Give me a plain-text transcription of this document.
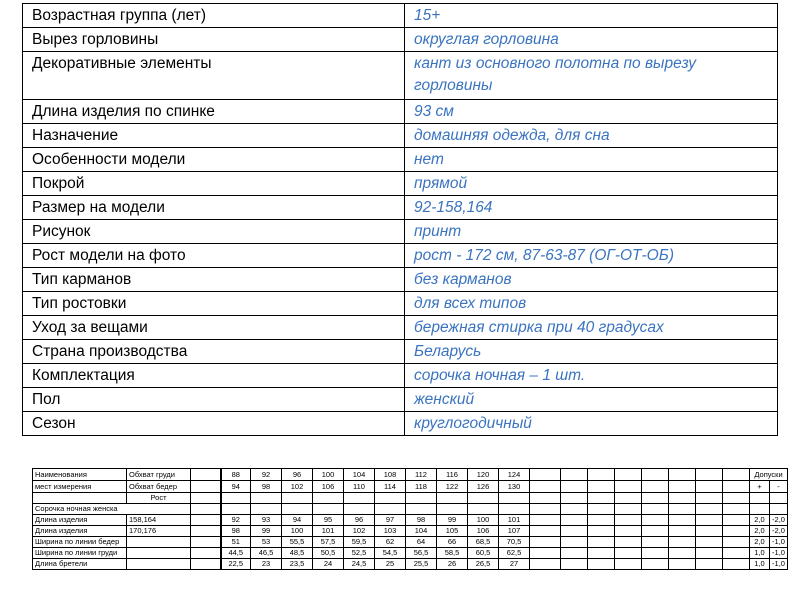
Возрастная группа (лет)	15+
Вырез горловины	округлая горловина
Декоративные элементы	кант из основного полотна по вырезу горловины
Длина изделия по спинке	93 см
Назначение	домашняя одежда, для сна
Особенности модели	нет
Покрой	прямой
Размер на модели	92-158,164
Рисунок	принт
Рост модели на фото	рост - 172 см, 87-63-87 (ОГ-ОТ-ОБ)
Тип карманов	без карманов
Тип ростовки	для всех типов
Уход за вещами	бережная стирка при 40 градусах
Страна производства	Беларусь
Комплектация	сорочка ночная – 1 шт.
Пол	женский
Сезон	круглогодичный
Наименования	Обхват груди		88	92	96	100	104	108	112	116	120	124									Допуски		
мест измерения	Обхват бедер		94	98	102	106	110	114	118	122	126	130									+	-	
	Рост																						
Сорочка ночная женска																							
Длина изделия	158,164		92	93	94	95	96	97	98	99	100	101									2,0	-2,0	
Длина изделия	170,176		98	99	100	101	102	103	104	105	106	107									2,0	-2,0	
Ширина по линии бедер			51	53	55,5	57,5	59,5	62	64	66	68,5	70,5									2,0	-1,0	
Ширина по линии груди			44,5	46,5	48,5	50,5	52,5	54,5	56,5	58,5	60,5	62,5									1,0	-1,0	
Длина бретели			22,5	23	23,5	24	24,5	25	25,5	26	26,5	27									1,0	-1,0	
